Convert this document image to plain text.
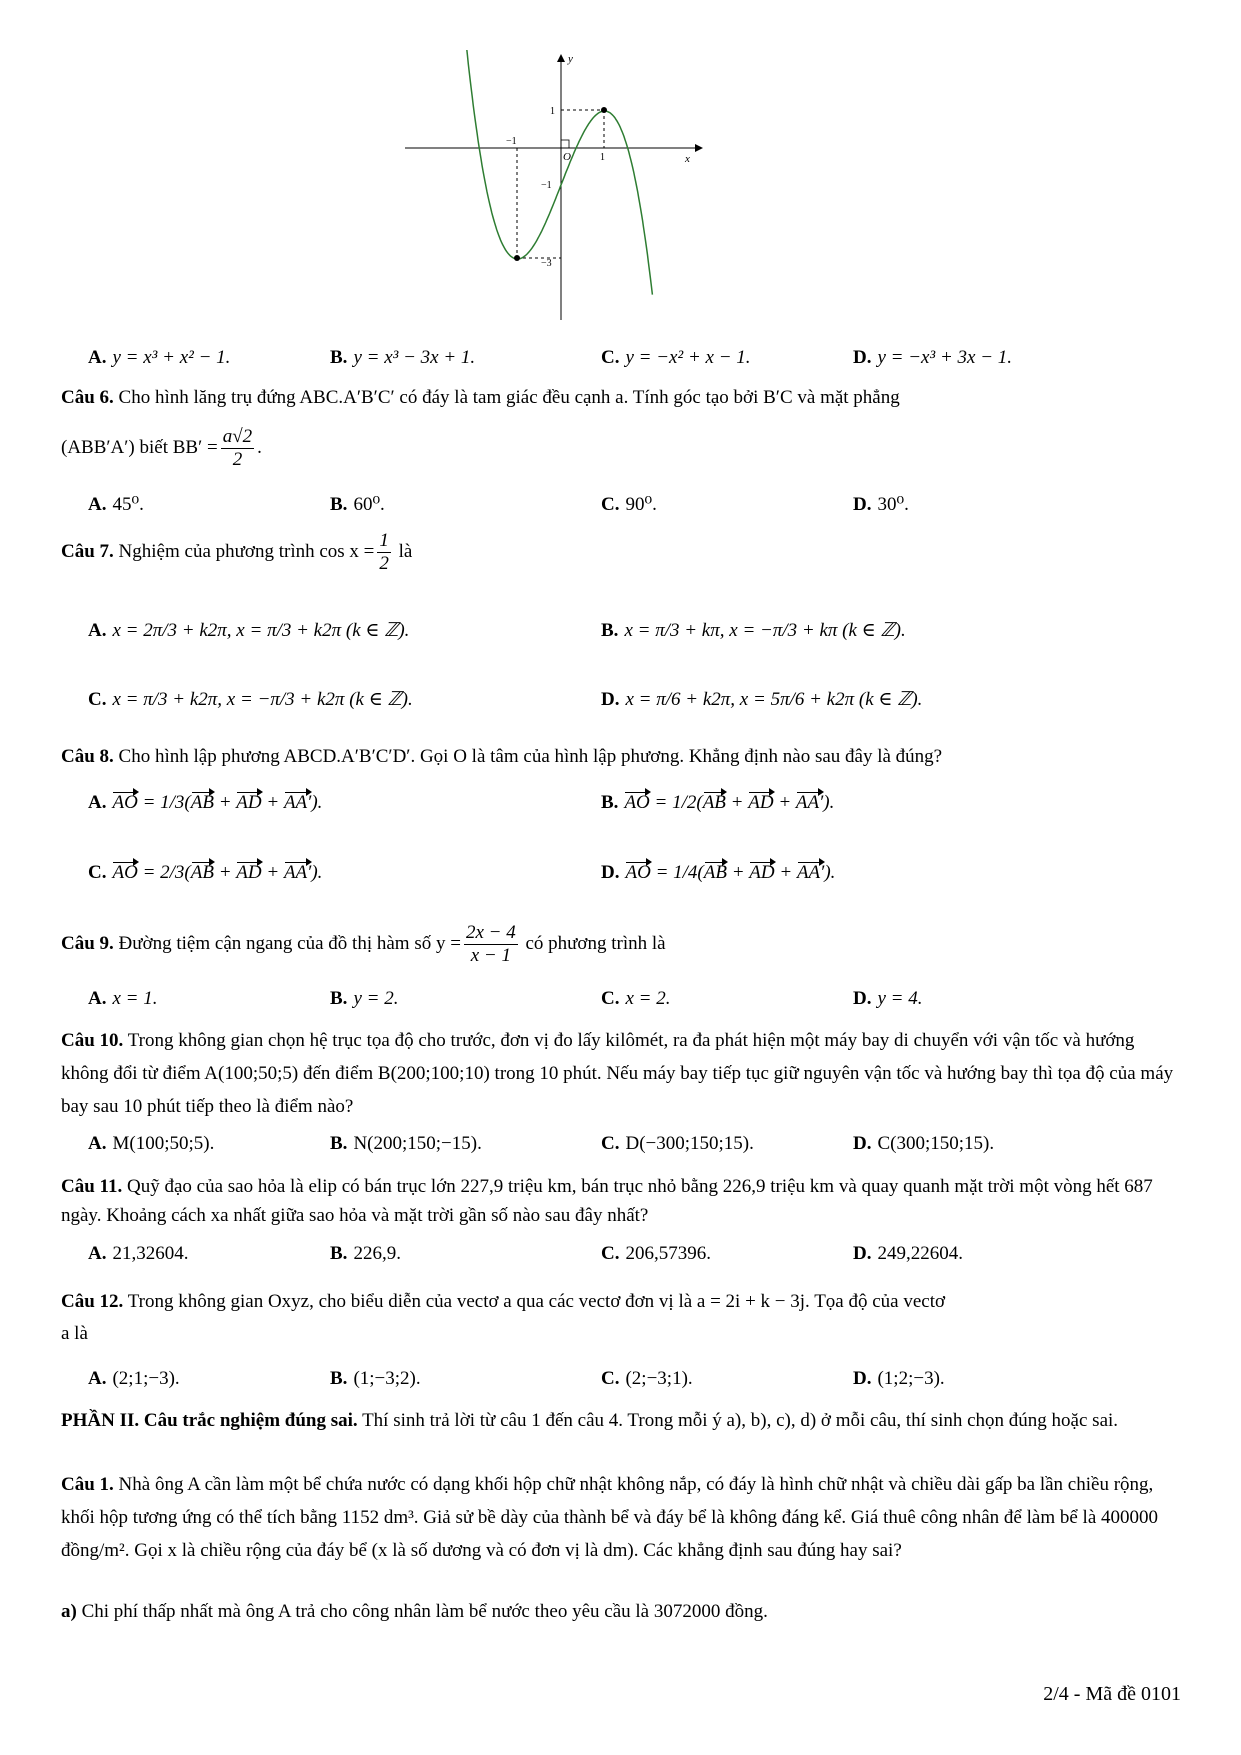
y
x
O
−1
1
1
−1
−3
A. y = x³ + x² − 1.	B. y = x³ − 3x + 1.	C. y = −x² + x − 1.	D. y = −x³ + 3x − 1.
Câu 6. Cho hình lăng trụ đứng ABC.A′B′C′ có đáy là tam giác đều cạnh a. Tính góc tạo bởi B′C và mặt phẳng
(ABB′A′) biết $BB' = \frac{a√2}{2}$ .
A. 45⁰.	B. 60⁰.	C. 90⁰.	D. 30⁰.
Câu 7. Nghiệm của phương trình $\cos x = \frac{1}{2}$ là
A. x = 2π/3 + k2π, x = π/3 + k2π (k ∈ ℤ).	B. x = π/3 + kπ, x = −π/3 + kπ (k ∈ ℤ).
C. x = π/3 + k2π, x = −π/3 + k2π (k ∈ ℤ).	D. x = π/6 + k2π, x = 5π/6 + k2π (k ∈ ℤ).
Câu 8. Cho hình lập phương ABCD.A′B′C′D′. Gọi O là tâm của hình lập phương. Khẳng định nào sau đây là đúng?
A. AO = 1/3(AB + AD + AA′).	B. AO = 1/2(AB + AD + AA′).
C. AO = 2/3(AB + AD + AA′).	D. AO = 1/4(AB + AD + AA′).
Câu 9. Đường tiệm cận ngang của đồ thị hàm số $y = \frac{2x - 4}{x - 1}$ có phương trình là
A. x = 1.	B. y = 2.	C. x = 2.	D. y = 4.
Câu 10. Trong không gian chọn hệ trục tọa độ cho trước, đơn vị đo lấy kilômét, ra đa phát hiện một máy bay di chuyển với vận tốc và hướng không đổi từ điểm A(100;50;5) đến điểm B(200;100;10) trong 10 phút. Nếu máy bay tiếp tục giữ nguyên vận tốc và hướng bay thì tọa độ của máy bay sau 10 phút tiếp theo là điểm nào?
A. M(100;50;5).	B. N(200;150;−15).	C. D(−300;150;15).	D. C(300;150;15).
Câu 11. Quỹ đạo của sao hỏa là elip có bán trục lớn 227,9 triệu km, bán trục nhỏ bằng 226,9 triệu km và quay quanh mặt trời một vòng hết 687 ngày. Khoảng cách xa nhất giữa sao hỏa và mặt trời gần số nào sau đây nhất?
A. 21,32604.	B. 226,9.	C. 206,57396.	D. 249,22604.
Câu 12. Trong không gian Oxyz, cho biểu diễn của vectơ a qua các vectơ đơn vị là a = 2i + k − 3j. Tọa độ của vectơ
a là
A. (2;1;−3).	B. (1;−3;2).	C. (2;−3;1).	D. (1;2;−3).
PHẦN II. Câu trắc nghiệm đúng sai. Thí sinh trả lời từ câu 1 đến câu 4. Trong mỗi ý a), b), c), d) ở mỗi câu, thí sinh chọn đúng hoặc sai.
Câu 1. Nhà ông A cần làm một bể chứa nước có dạng khối hộp chữ nhật không nắp, có đáy là hình chữ nhật và chiều dài gấp ba lần chiều rộng, khối hộp tương ứng có thể tích bằng 1152 dm³. Giả sử bề dày của thành bể và đáy bể là không đáng kể. Giá thuê công nhân để làm bể là 400000 đồng/m². Gọi x là chiều rộng của đáy bể (x là số dương và có đơn vị là dm). Các khẳng định sau đúng hay sai?
a) Chi phí thấp nhất mà ông A trả cho công nhân làm bể nước theo yêu cầu là 3072000 đồng.
2/4 - Mã đề 0101
